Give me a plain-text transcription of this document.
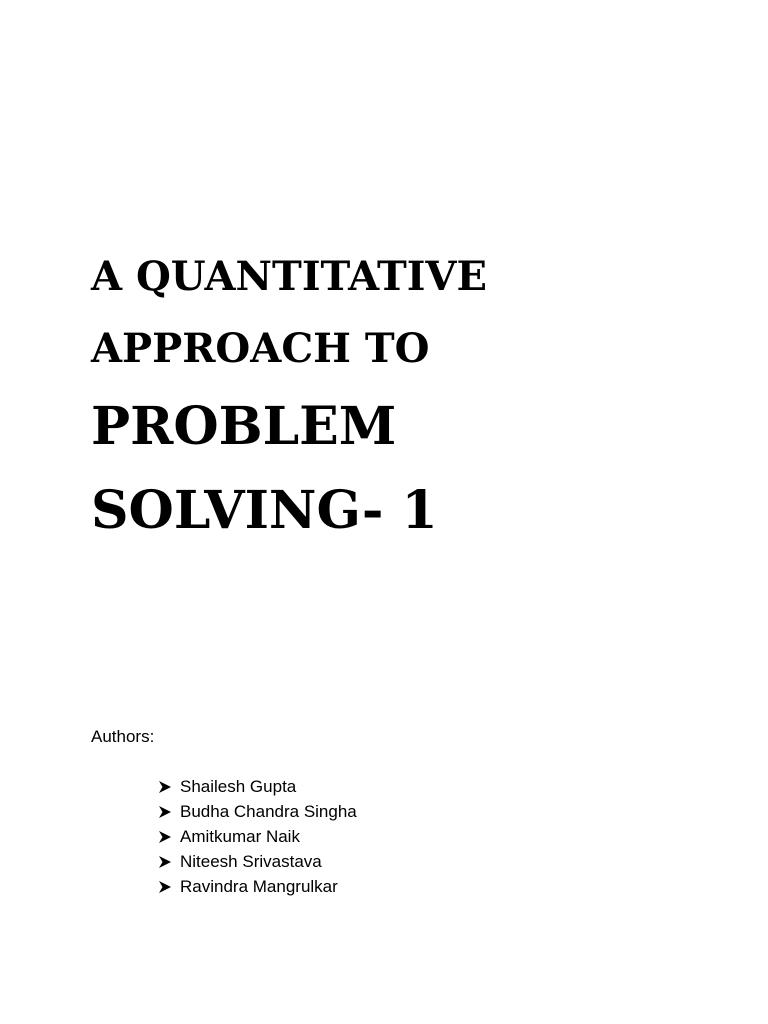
A QUANTITATIVE
APPROACH TO
PROBLEM
SOLVING- 1
Authors:
Shailesh Gupta
Budha Chandra Singha
Amitkumar Naik
Niteesh Srivastava
Ravindra Mangrulkar
